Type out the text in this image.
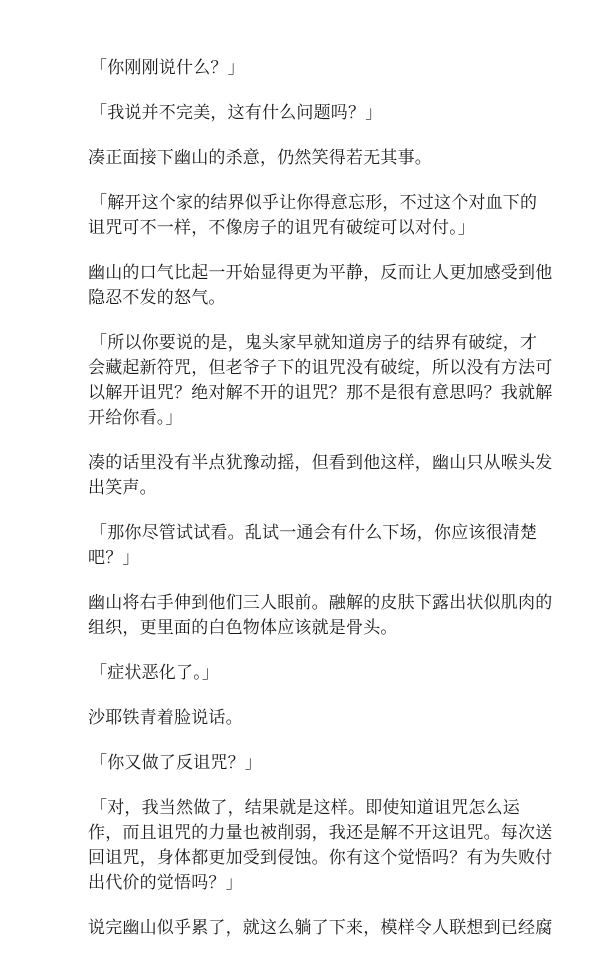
「你刚刚说什么？」

「我说并不完美，这有什么问题吗？」

凑正面接下幽山的杀意，仍然笑得若无其事。

「解开这个家的结界似乎让你得意忘形，不过这个对血下的诅咒可不一样，不像房子的诅咒有破绽可以对付。」

幽山的口气比起一开始显得更为平静，反而让人更加感受到他隐忍不发的怒气。

「所以你要说的是，鬼头家早就知道房子的结界有破绽，才会藏起新符咒，但老爷子下的诅咒没有破绽，所以没有方法可以解开诅咒？绝对解不开的诅咒？那不是很有意思吗？我就解开给你看。」

凑的话里没有半点犹豫动摇，但看到他这样，幽山只从喉头发出笑声。

「那你尽管试试看。乱试一通会有什么下场，你应该很清楚吧？」

幽山将右手伸到他们三人眼前。融解的皮肤下露出状似肌肉的组织，更里面的白色物体应该就是骨头。

「症状恶化了。」

沙耶铁青着脸说话。

「你又做了反诅咒？」

「对，我当然做了，结果就是这样。即使知道诅咒怎么运作，而且诅咒的力量也被削弱，我还是解不开这诅咒。每次送回诅咒，身体都更加受到侵蚀。你有这个觉悟吗？有为失败付出代价的觉悟吗？」

说完幽山似乎累了，就这么躺了下来，模样令人联想到已经腐
